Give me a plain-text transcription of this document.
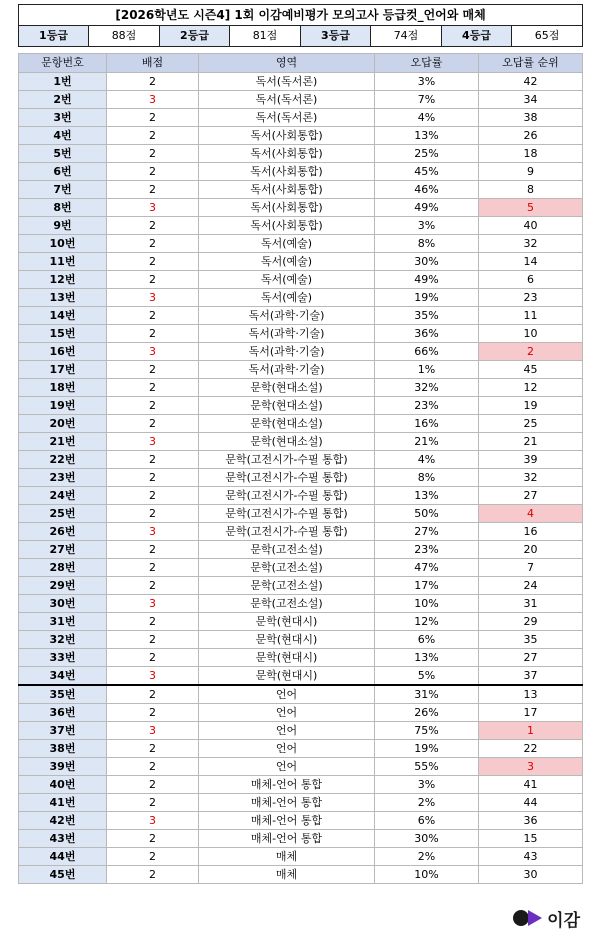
[2026학년도 시즌4] 1회 이감예비평가 모의고사 등급컷_언어와 매체
1등급	88점	2등급	81점	3등급	74점	4등급	65점
문항번호	배점	영역	오답률	오답률 순위
1번	2	독서(독서론)	3%	42
2번	3	독서(독서론)	7%	34
3번	2	독서(독서론)	4%	38
4번	2	독서(사회통합)	13%	26
5번	2	독서(사회통합)	25%	18
6번	2	독서(사회통합)	45%	9
7번	2	독서(사회통합)	46%	8
8번	3	독서(사회통합)	49%	5
9번	2	독서(사회통합)	3%	40
10번	2	독서(예술)	8%	32
11번	2	독서(예술)	30%	14
12번	2	독서(예술)	49%	6
13번	3	독서(예술)	19%	23
14번	2	독서(과학·기술)	35%	11
15번	2	독서(과학·기술)	36%	10
16번	3	독서(과학·기술)	66%	2
17번	2	독서(과학·기술)	1%	45
18번	2	문학(현대소설)	32%	12
19번	2	문학(현대소설)	23%	19
20번	2	문학(현대소설)	16%	25
21번	3	문학(현대소설)	21%	21
22번	2	문학(고전시가-수필 통합)	4%	39
23번	2	문학(고전시가-수필 통합)	8%	32
24번	2	문학(고전시가-수필 통합)	13%	27
25번	2	문학(고전시가-수필 통합)	50%	4
26번	3	문학(고전시가-수필 통합)	27%	16
27번	2	문학(고전소설)	23%	20
28번	2	문학(고전소설)	47%	7
29번	2	문학(고전소설)	17%	24
30번	3	문학(고전소설)	10%	31
31번	2	문학(현대시)	12%	29
32번	2	문학(현대시)	6%	35
33번	2	문학(현대시)	13%	27
34번	3	문학(현대시)	5%	37
35번	2	언어	31%	13
36번	2	언어	26%	17
37번	3	언어	75%	1
38번	2	언어	19%	22
39번	2	언어	55%	3
40번	2	매체-언어 통합	3%	41
41번	2	매체-언어 통합	2%	44
42번	3	매체-언어 통합	6%	36
43번	2	매체-언어 통합	30%	15
44번	2	매체	2%	43
45번	2	매체	10%	30
이감
